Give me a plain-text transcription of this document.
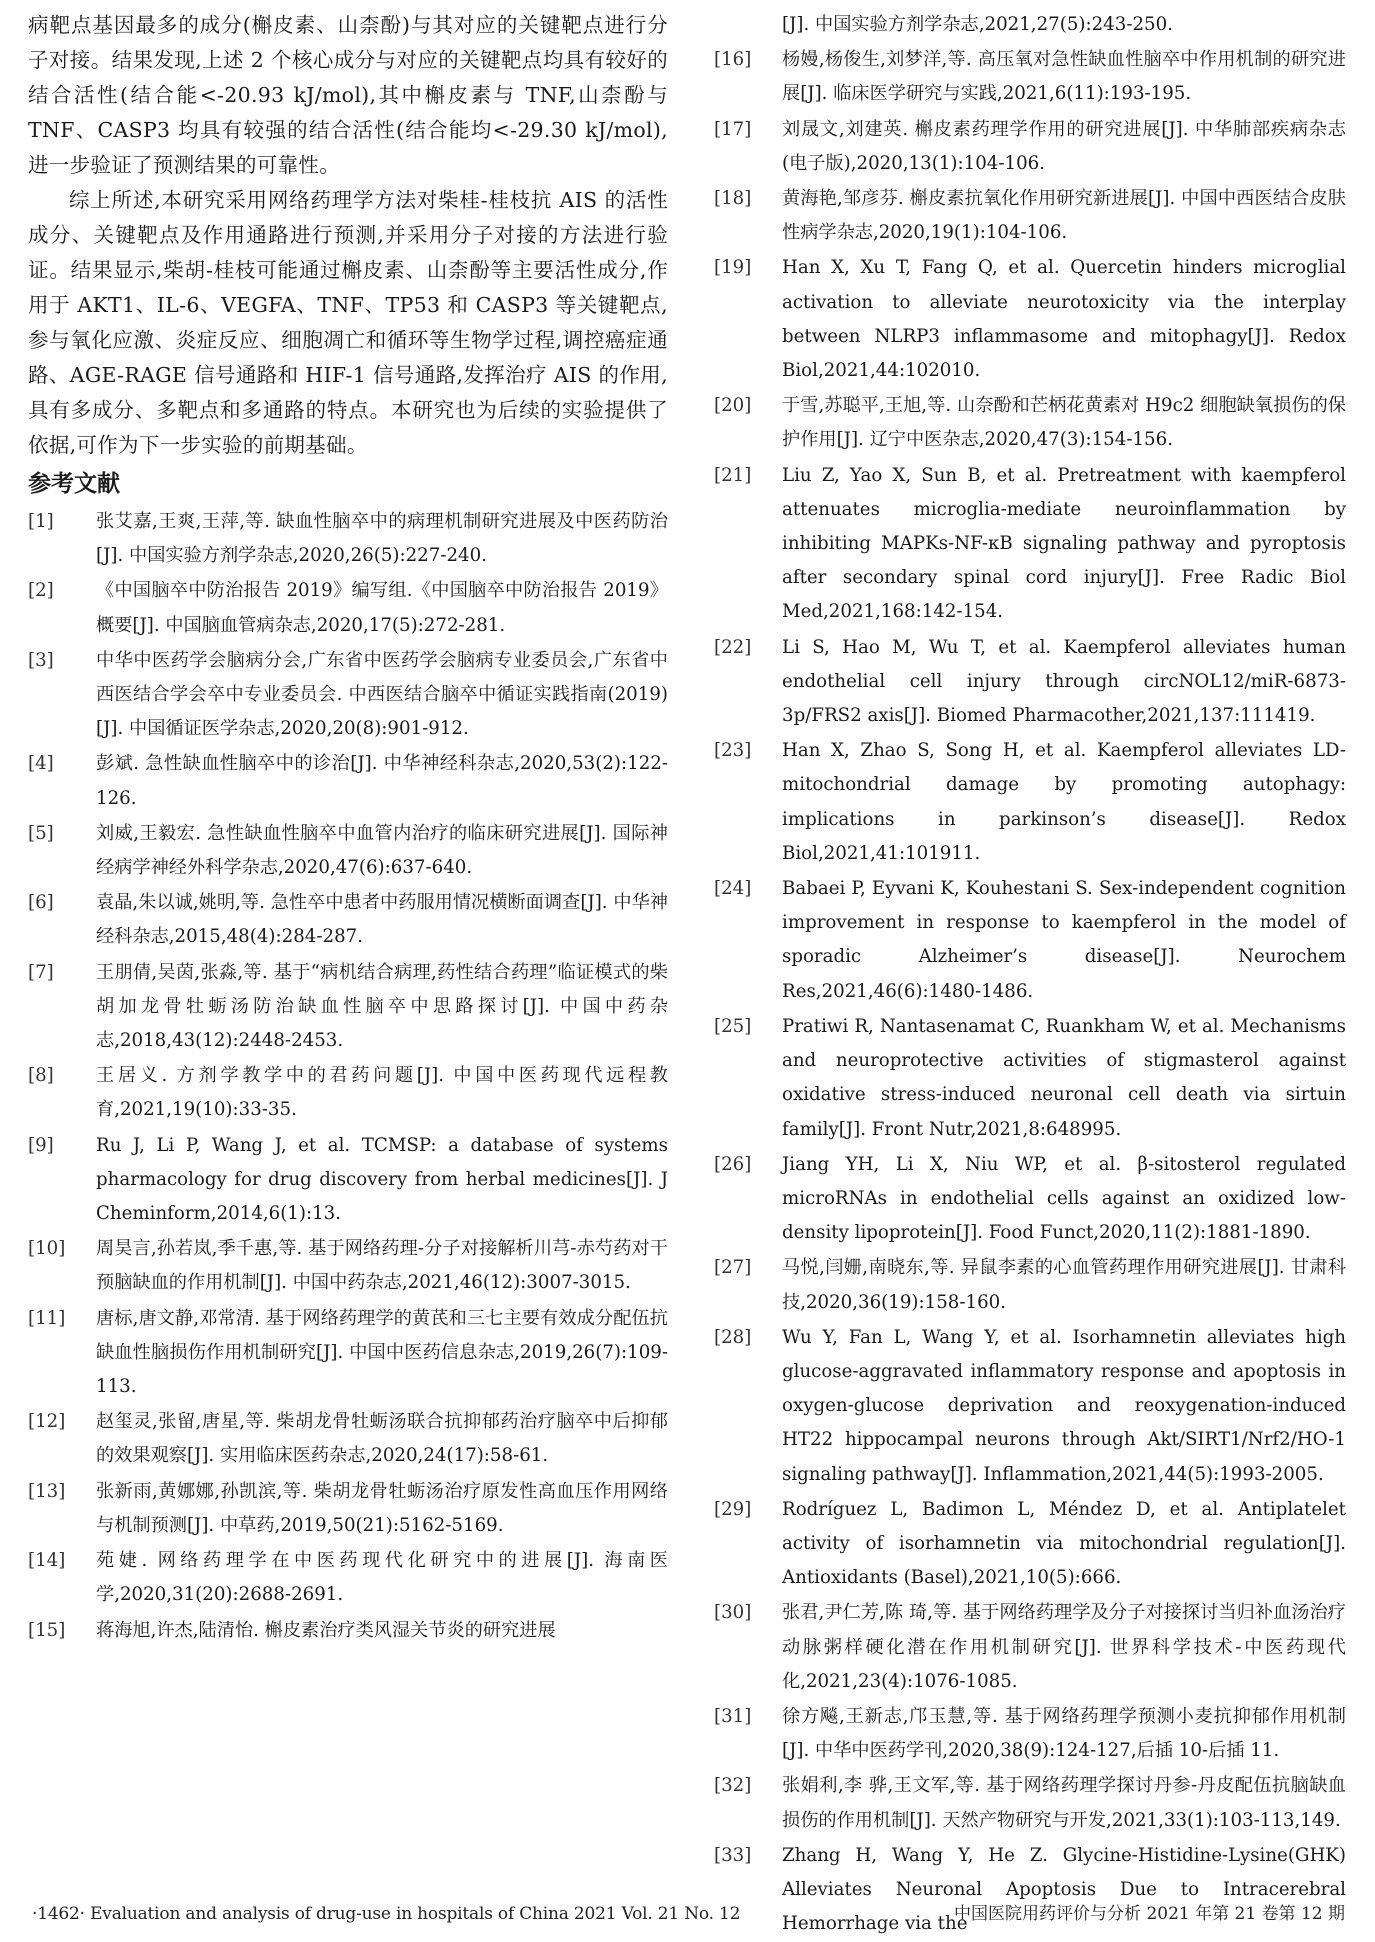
病靶点基因最多的成分(槲皮素、山柰酚)与其对应的关键靶点进行分子对接。结果发现,上述 2 个核心成分与对应的关键靶点均具有较好的结合活性(结合能<-20.93 kJ/mol),其中槲皮素与 TNF,山柰酚与 TNF、CASP3 均具有较强的结合活性(结合能均<-29.30 kJ/mol),进一步验证了预测结果的可靠性。

综上所述,本研究采用网络药理学方法对柴桂-桂枝抗 AIS 的活性成分、关键靶点及作用通路进行预测,并采用分子对接的方法进行验证。结果显示,柴胡-桂枝可能通过槲皮素、山柰酚等主要活性成分,作用于 AKT1、IL-6、VEGFA、TNF、TP53 和 CASP3 等关键靶点,参与氧化应激、炎症反应、细胞凋亡和循环等生物学过程,调控癌症通路、AGE-RAGE 信号通路和 HIF-1 信号通路,发挥治疗 AIS 的作用,具有多成分、多靶点和多通路的特点。本研究也为后续的实验提供了依据,可作为下一步实验的前期基础。

参考文献
[1] 张艾嘉,王爽,王萍,等. 缺血性脑卒中的病理机制研究进展及中医药防治[J]. 中国实验方剂学杂志,2020,26(5):227-240.
[2] 《中国脑卒中防治报告 2019》编写组.《中国脑卒中防治报告 2019》概要[J]. 中国脑血管病杂志,2020,17(5):272-281.
[3] 中华中医药学会脑病分会,广东省中医药学会脑病专业委员会,广东省中西医结合学会卒中专业委员会. 中西医结合脑卒中循证实践指南(2019)[J]. 中国循证医学杂志,2020,20(8):901-912.
[4] 彭斌. 急性缺血性脑卒中的诊治[J]. 中华神经科杂志,2020,53(2):122-126.
[5] 刘威,王毅宏. 急性缺血性脑卒中血管内治疗的临床研究进展[J]. 国际神经病学神经外科学杂志,2020,47(6):637-640.
[6] 袁晶,朱以诚,姚明,等. 急性卒中患者中药服用情况横断面调查[J]. 中华神经科杂志,2015,48(4):284-287.
[7] 王朋倩,吴茵,张淼,等. 基于“病机结合病理,药性结合药理”临证模式的柴胡加龙骨牡蛎汤防治缺血性脑卒中思路探讨[J]. 中国中药杂志,2018,43(12):2448-2453.
[8] 王居义. 方剂学教学中的君药问题[J]. 中国中医药现代远程教育,2021,19(10):33-35.
[9] Ru J, Li P, Wang J, et al. TCMSP: a database of systems pharmacology for drug discovery from herbal medicines[J]. J Cheminform,2014,6(1):13.
[10] 周昊言,孙若岚,季千惠,等. 基于网络药理-分子对接解析川芎-赤芍药对干预脑缺血的作用机制[J]. 中国中药杂志,2021,46(12):3007-3015.
[11] 唐标,唐文静,邓常清. 基于网络药理学的黄芪和三七主要有效成分配伍抗缺血性脑损伤作用机制研究[J]. 中国中医药信息杂志,2019,26(7):109-113.
[12] 赵玺灵,张留,唐星,等. 柴胡龙骨牡蛎汤联合抗抑郁药治疗脑卒中后抑郁的效果观察[J]. 实用临床医药杂志,2020,24(17):58-61.
[13] 张新雨,黄娜娜,孙凯滨,等. 柴胡龙骨牡蛎汤治疗原发性高血压作用网络与机制预测[J]. 中草药,2019,50(21):5162-5169.
[14] 苑婕. 网络药理学在中医药现代化研究中的进展[J]. 海南医学,2020,31(20):2688-2691.
[15] 蒋海旭,许杰,陆清怡. 槲皮素治疗类风湿关节炎的研究进展
[J]. 中国实验方剂学杂志,2021,27(5):243-250.
[16] 杨嫚,杨俊生,刘梦洋,等. 高压氧对急性缺血性脑卒中作用机制的研究进展[J]. 临床医学研究与实践,2021,6(11):193-195.
[17] 刘晟文,刘建英. 槲皮素药理学作用的研究进展[J]. 中华肺部疾病杂志(电子版),2020,13(1):104-106.
[18] 黄海艳,邹彦芬. 槲皮素抗氧化作用研究新进展[J]. 中国中西医结合皮肤性病学杂志,2020,19(1):104-106.
[19] Han X, Xu T, Fang Q, et al. Quercetin hinders microglial activation to alleviate neurotoxicity via the interplay between NLRP3 inflammasome and mitophagy[J]. Redox Biol,2021,44:102010.
[20] 于雪,苏聪平,王旭,等. 山奈酚和芒柄花黄素对 H9c2 细胞缺氧损伤的保护作用[J]. 辽宁中医杂志,2020,47(3):154-156.
[21] Liu Z, Yao X, Sun B, et al. Pretreatment with kaempferol attenuates microglia-mediate neuroinflammation by inhibiting MAPKs-NF-κB signaling pathway and pyroptosis after secondary spinal cord injury[J]. Free Radic Biol Med,2021,168:142-154.
[22] Li S, Hao M, Wu T, et al. Kaempferol alleviates human endothelial cell injury through circNOL12/miR-6873-3p/FRS2 axis[J]. Biomed Pharmacother,2021,137:111419.
[23] Han X, Zhao S, Song H, et al. Kaempferol alleviates LD-mitochondrial damage by promoting autophagy: implications in parkinson’s disease[J]. Redox Biol,2021,41:101911.
[24] Babaei P, Eyvani K, Kouhestani S. Sex-independent cognition improvement in response to kaempferol in the model of sporadic Alzheimer’s disease[J]. Neurochem Res,2021,46(6):1480-1486.
[25] Pratiwi R, Nantasenamat C, Ruankham W, et al. Mechanisms and neuroprotective activities of stigmasterol against oxidative stress-induced neuronal cell death via sirtuin family[J]. Front Nutr,2021,8:648995.
[26] Jiang YH, Li X, Niu WP, et al. β-sitosterol regulated microRNAs in endothelial cells against an oxidized low-density lipoprotein[J]. Food Funct,2020,11(2):1881-1890.
[27] 马悦,闫姗,南晓东,等. 异鼠李素的心血管药理作用研究进展[J]. 甘肃科技,2020,36(19):158-160.
[28] Wu Y, Fan L, Wang Y, et al. Isorhamnetin alleviates high glucose-aggravated inflammatory response and apoptosis in oxygen-glucose deprivation and reoxygenation-induced HT22 hippocampal neurons through Akt/SIRT1/Nrf2/HO-1 signaling pathway[J]. Inflammation,2021,44(5):1993-2005.
[29] Rodríguez L, Badimon L, Méndez D, et al. Antiplatelet activity of isorhamnetin via mitochondrial regulation[J]. Antioxidants (Basel),2021,10(5):666.
[30] 张君,尹仁芳,陈 琦,等. 基于网络药理学及分子对接探讨当归补血汤治疗动脉粥样硬化潜在作用机制研究[J]. 世界科学技术-中医药现代化,2021,23(4):1076-1085.
[31] 徐方飚,王新志,邝玉慧,等. 基于网络药理学预测小麦抗抑郁作用机制[J]. 中华中医药学刊,2020,38(9):124-127,后插 10-后插 11.
[32] 张娟利,李 骅,王文军,等. 基于网络药理学探讨丹参-丹皮配伍抗脑缺血损伤的作用机制[J]. 天然产物研究与开发,2021,33(1):103-113,149.
[33] Zhang H, Wang Y, He Z. Glycine-Histidine-Lysine(GHK) Alleviates Neuronal Apoptosis Due to Intracerebral Hemorrhage via the
·1462· Evaluation and analysis of drug-use in hospitals of China 2021 Vol. 21 No. 12	中国医院用药评价与分析 2021 年第 21 卷第 12 期
